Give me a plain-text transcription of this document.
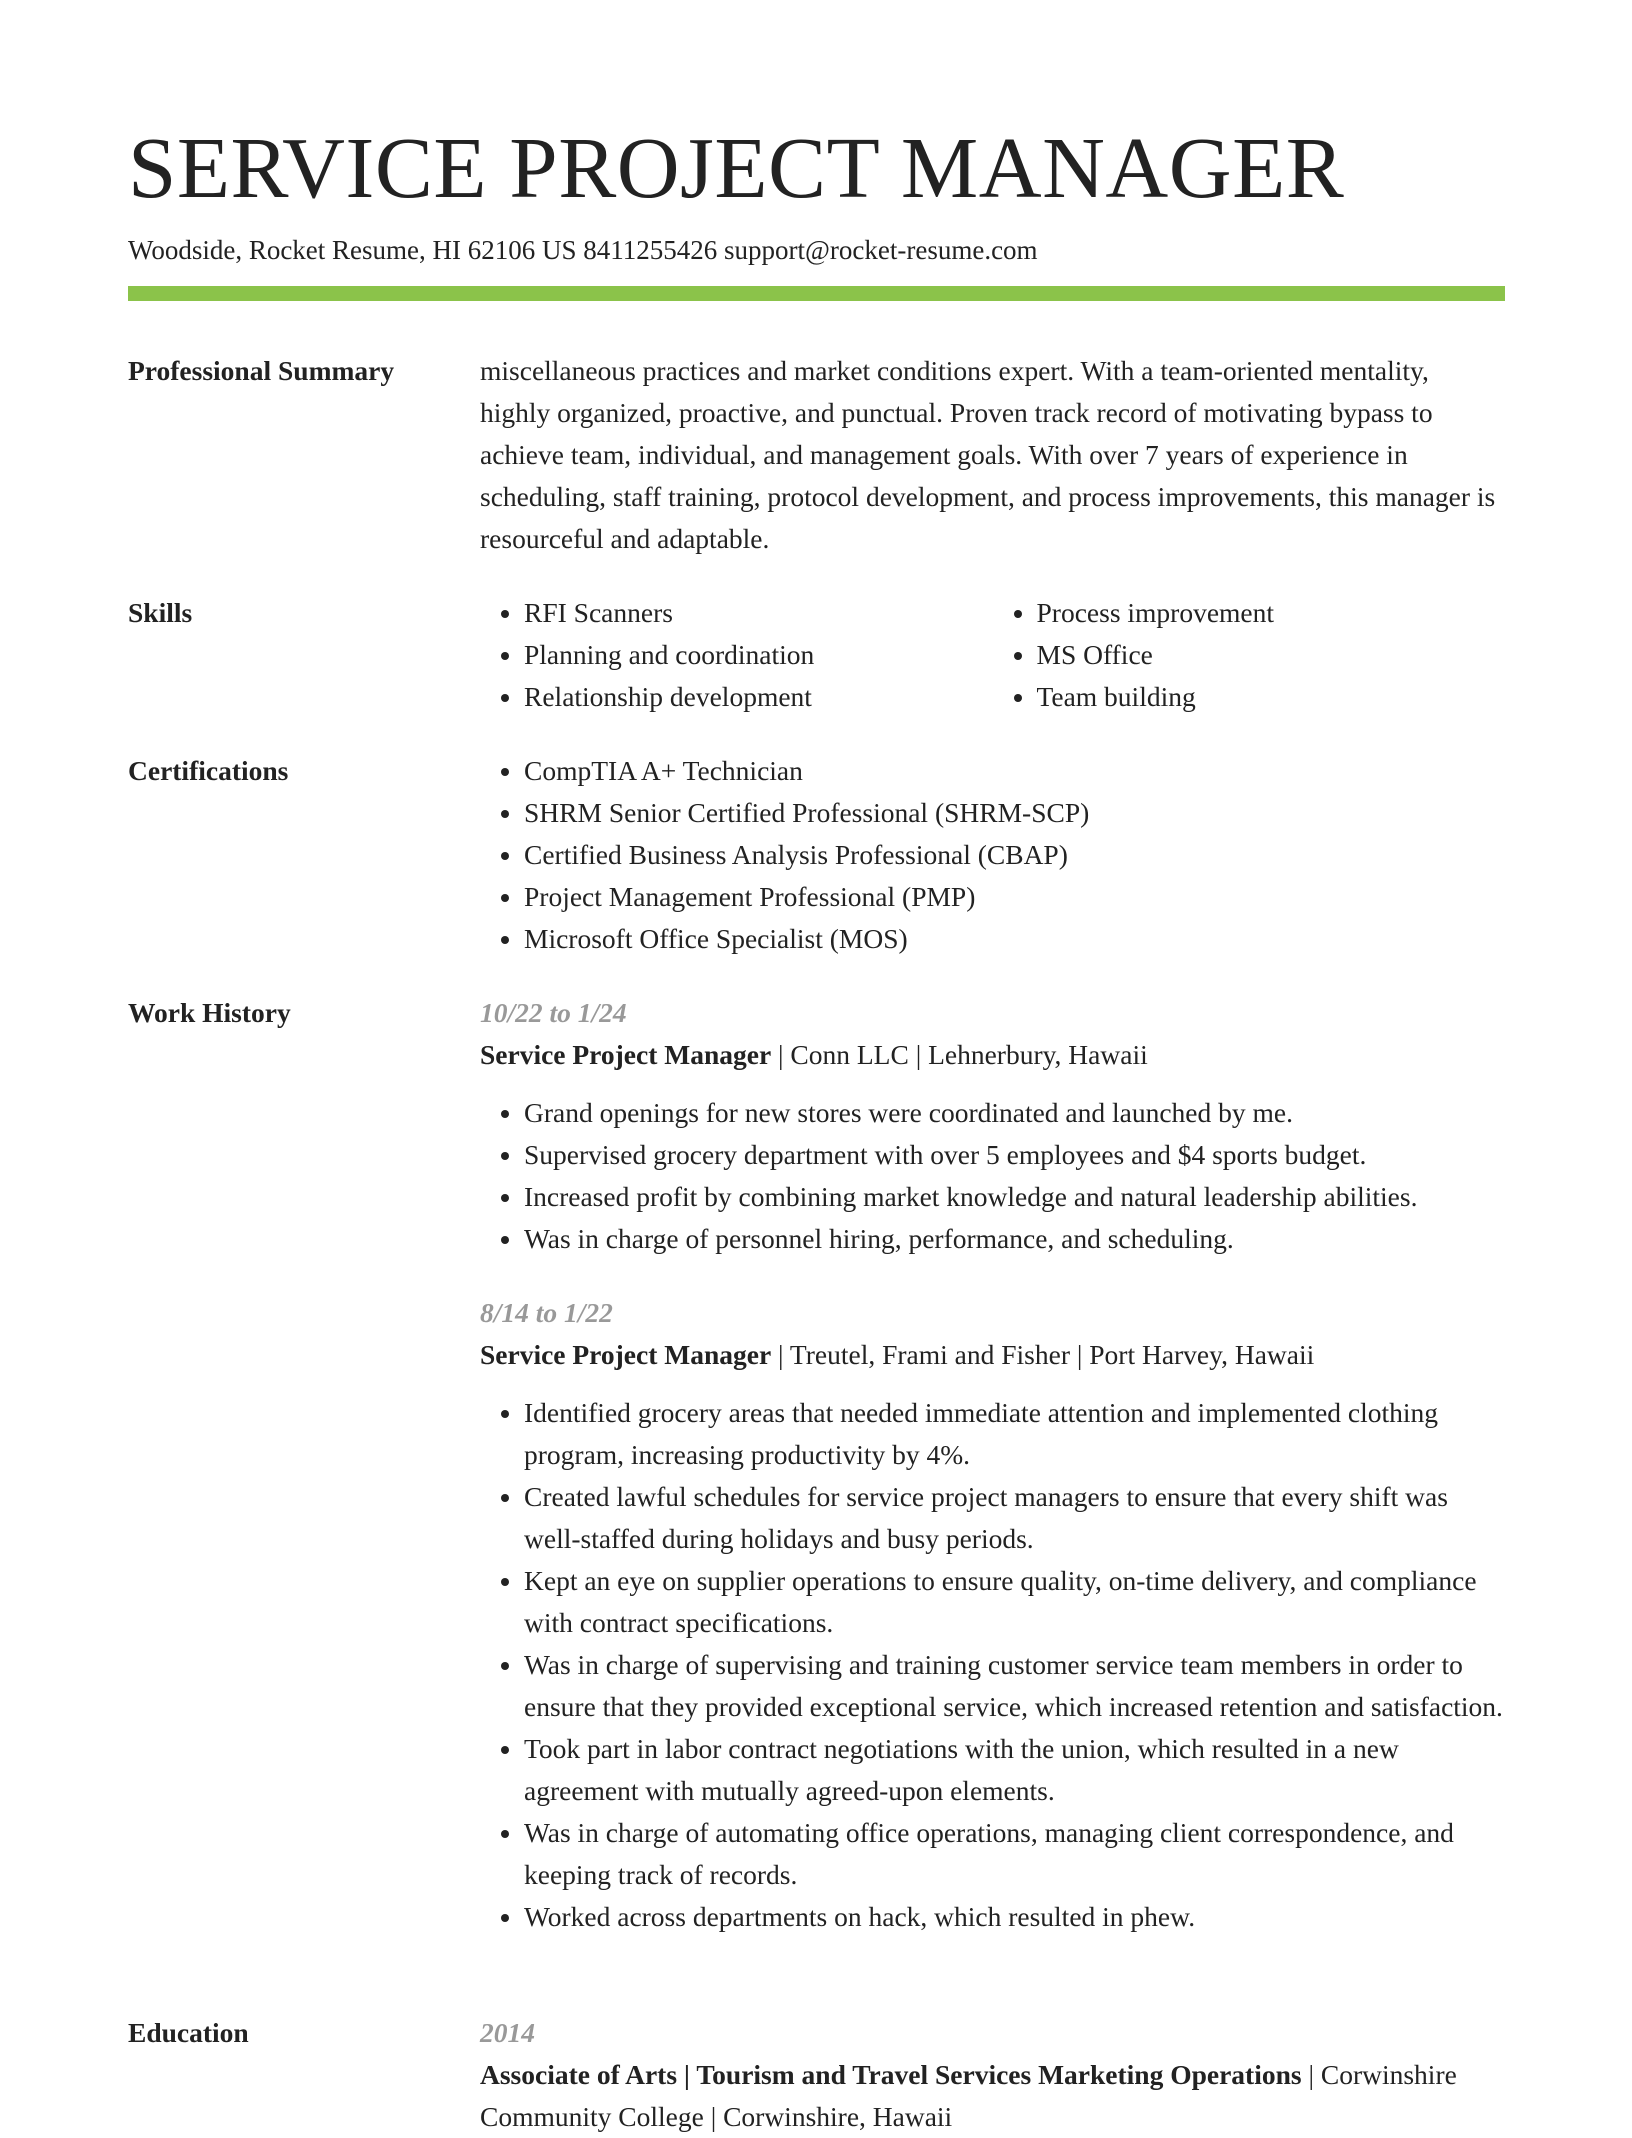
SERVICE PROJECT MANAGER
Woodside, Rocket Resume, HI 62106 US 8411255426 support@rocket-resume.com
Professional Summary	miscellaneous practices and market conditions expert. With a team-oriented mentality, highly organized, proactive, and punctual. Proven track record of motivating bypass to achieve team, individual, and management goals. With over 7 years of experience in scheduling, staff training, protocol development, and process improvements, this manager is resourceful and adaptable.

Skills	• RFI Scanners
• Planning and coordination
• Relationship development
• Process improvement
• MS Office
• Team building
Certifications	• CompTIA A+ Technician
• SHRM Senior Certified Professional (SHRM-SCP)
• Certified Business Analysis Professional (CBAP)
• Project Management Professional (PMP)
• Microsoft Office Specialist (MOS)
Work History	10/22 to 1/24
Service Project Manager | Conn LLC | Lehnerbury, Hawaii
• Grand openings for new stores were coordinated and launched by me.
• Supervised grocery department with over 5 employees and $4 sports budget.
• Increased profit by combining market knowledge and natural leadership abilities.
• Was in charge of personnel hiring, performance, and scheduling.
8/14 to 1/22
Service Project Manager | Treutel, Frami and Fisher | Port Harvey, Hawaii
• Identified grocery areas that needed immediate attention and implemented clothing program, increasing productivity by 4%.
• Created lawful schedules for service project managers to ensure that every shift was well-staffed during holidays and busy periods.
• Kept an eye on supplier operations to ensure quality, on-time delivery, and compliance with contract specifications.
• Was in charge of supervising and training customer service team members in order to ensure that they provided exceptional service, which increased retention and satisfaction.
• Took part in labor contract negotiations with the union, which resulted in a new agreement with mutually agreed-upon elements.
• Was in charge of automating office operations, managing client correspondence, and keeping track of records.
• Worked across departments on hack, which resulted in phew.
Education	2014
Associate of Arts | Tourism and Travel Services Marketing Operations | Corwinshire Community College | Corwinshire, Hawaii
